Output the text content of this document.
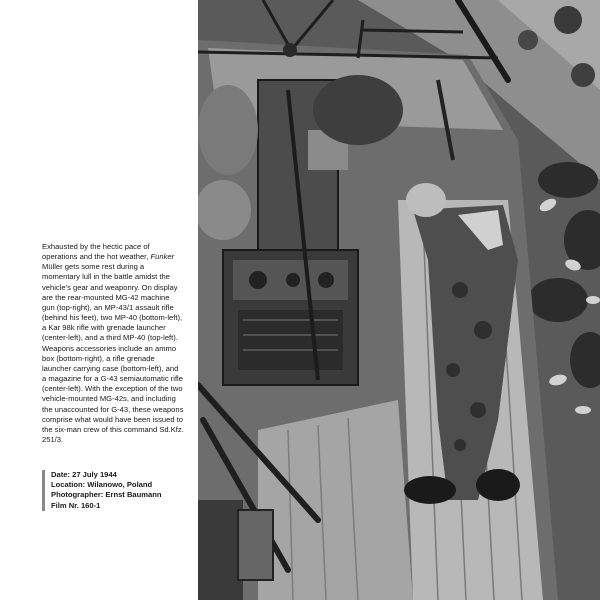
Exhausted by the hectic pace of operations and the hot weather, Funker Müller gets some rest during a momentary lull in the battle amidst the vehicle's gear and weaponry. On display are the rear-mounted MG-42 machine gun (top-right), an MP-43/1 assault rifle (behind his feet), two MP-40 (bottom-left), a Kar 98k rifle with grenade launcher (center-left), and a third MP-40 (top-left). Weapons accessories include an ammo box (bottom-right), a rifle grenade launcher carrying case (bottom-left), and a magazine for a G-43 semiautomatic rifle (center-left). With the exception of the two vehicle-mounted MG-42s, and including the unaccounted for G-43, these weapons comprise what would have been issued to the six-man crew of this command Sd.Kfz. 251/3.

Date: 27 July 1944
Location: Wilanowo, Poland
Photographer: Ernst Baumann
Film Nr. 160-1
